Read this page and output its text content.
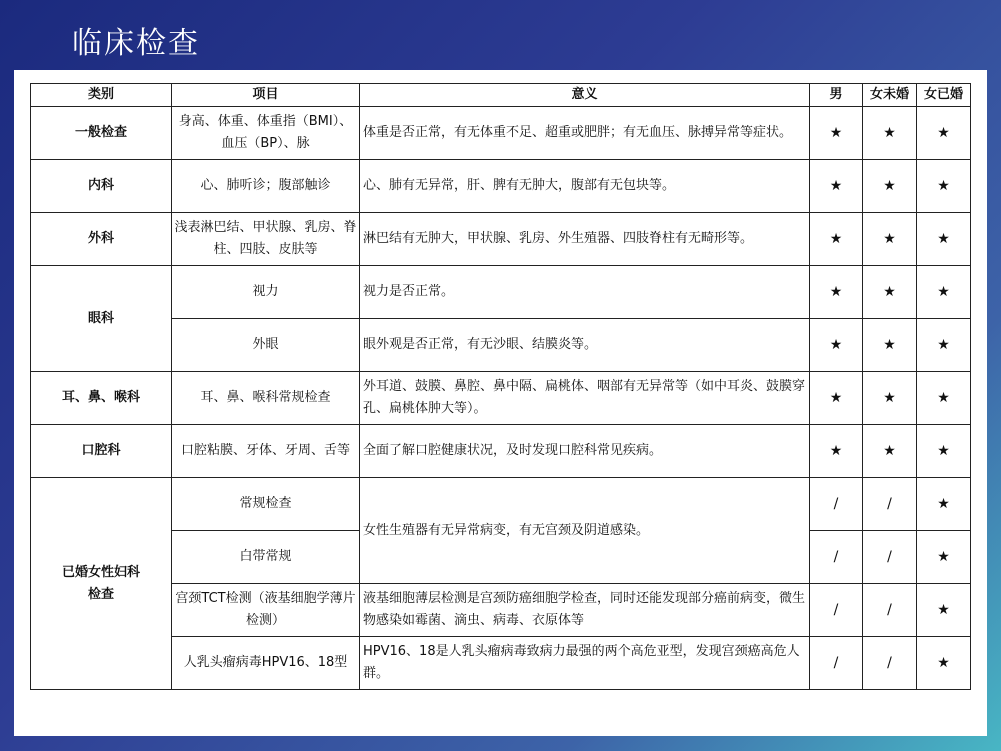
临床检查
类别	项目	意义	男	女未婚	女已婚
一般检查	身高、体重、体重指（BMI）、血压（BP）、脉	体重是否正常，有无体重不足、超重或肥胖；有无血压、脉搏异常等症状。	★	★	★
内科	心、肺听诊；腹部触诊	心、肺有无异常，肝、脾有无肿大，腹部有无包块等。	★	★	★
外科	浅表淋巴结、甲状腺、乳房、脊柱、四肢、皮肤等	淋巴结有无肿大，甲状腺、乳房、外生殖器、四肢脊柱有无畸形等。	★	★	★
眼科	视力	视力是否正常。	★	★	★
	外眼	眼外观是否正常，有无沙眼、结膜炎等。	★	★	★
耳、鼻、喉科	耳、鼻、喉科常规检查	外耳道、鼓膜、鼻腔、鼻中隔、扁桃体、咽部有无异常等（如中耳炎、鼓膜穿孔、扁桃体肿大等）。	★	★	★
口腔科	口腔粘膜、牙体、牙周、舌等	全面了解口腔健康状况，及时发现口腔科常见疾病。	★	★	★
已婚女性妇科检查	常规检查	女性生殖器有无异常病变，有无宫颈及阴道感染。	/	/	★
	白带常规		/	/	★
	宫颈TCT检测（液基细胞学薄片检测）	液基细胞薄层检测是宫颈防癌细胞学检查，同时还能发现部分癌前病变，微生物感染如霉菌、滴虫、病毒、衣原体等	/	/	★
	人乳头瘤病毒HPV16、18型	HPV16、18是人乳头瘤病毒致病力最强的两个高危亚型，发现宫颈癌高危人群。	/	/	★
